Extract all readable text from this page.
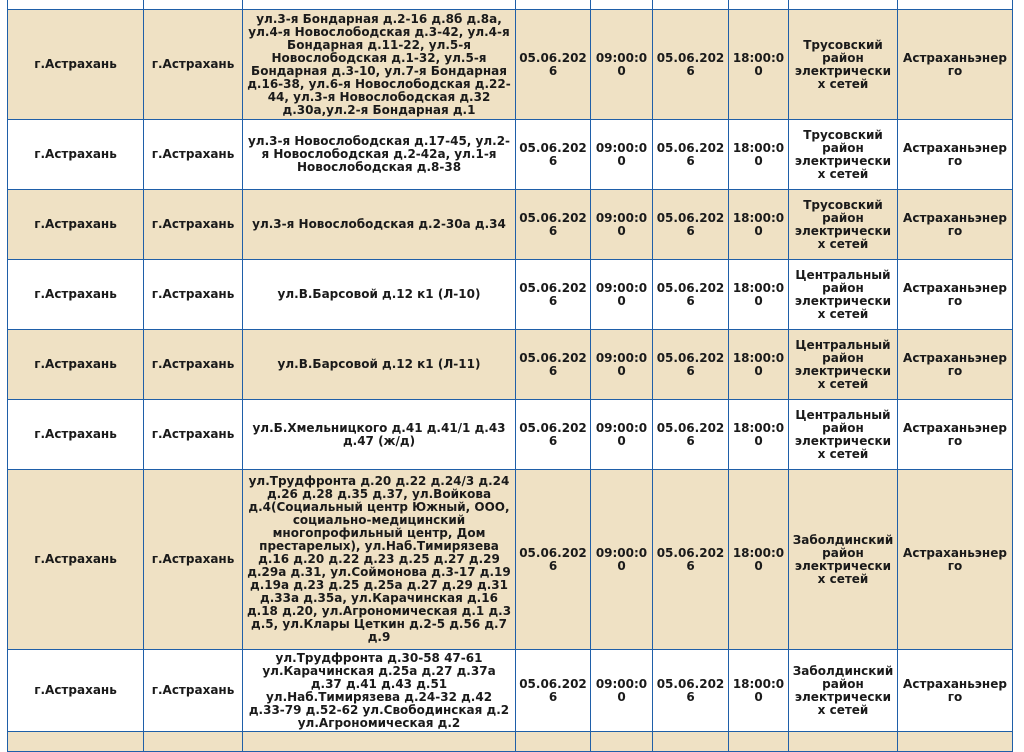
г.Астрахань	г.Астрахань	ул.3-я Бондарная д.2-16 д.8б д.8а, ул.4-я Новослободская д.3-42, ул.4-я Бондарная д.11-22, ул.5-я Новослободская д.1-32, ул.5-я Бондарная д.3-10, ул.7-я Бондарная д.16-38, ул.6-я Новослободская д.22-44, ул.3-я Новослободская д.32 д.30а,ул.2-я Бондарная д.1	05.06.2026	09:00:00	05.06.2026	18:00:00	Трусовский район электрических сетей	Астраханьэнерго
г.Астрахань	г.Астрахань	ул.3-я Новослободская д.17-45, ул.2-я Новослободская д.2-42а, ул.1-я Новослободская д.8-38	05.06.2026	09:00:00	05.06.2026	18:00:00	Трусовский район электрических сетей	Астраханьэнерго
г.Астрахань	г.Астрахань	ул.3-я Новослободская д.2-30а д.34	05.06.2026	09:00:00	05.06.2026	18:00:00	Трусовский район электрических сетей	Астраханьэнерго
г.Астрахань	г.Астрахань	ул.В.Барсовой д.12 к1 (Л-10)	05.06.2026	09:00:00	05.06.2026	18:00:00	Центральный район электрических сетей	Астраханьэнерго
г.Астрахань	г.Астрахань	ул.В.Барсовой д.12 к1 (Л-11)	05.06.2026	09:00:00	05.06.2026	18:00:00	Центральный район электрических сетей	Астраханьэнерго
г.Астрахань	г.Астрахань	ул.Б.Хмельницкого д.41 д.41/1 д.43 д.47 (ж/д)	05.06.2026	09:00:00	05.06.2026	18:00:00	Центральный район электрических сетей	Астраханьэнерго
г.Астрахань	г.Астрахань	ул.Трудфронта д.20 д.22 д.24/3 д.24 д.26 д.28 д.35 д.37, ул.Войкова д.4(Социальный центр Южный, ООО, социально-медицинский многопрофильный центр, Дом престарелых), ул.Наб.Тимирязева д.16 д.20 д.22 д.23 д.25 д.27 д.29 д.29а д.31, ул.Соймонова д.3-17 д.19 д.19а д.23 д.25 д.25а д.27 д.29 д.31 д.33а д.35а, ул.Карачинская д.16 д.18 д.20, ул.Агрономическая д.1 д.3 д.5, ул.Клары Цеткин д.2-5 д.56 д.7 д.9	05.06.2026	09:00:00	05.06.2026	18:00:00	Заболдинский район электрических сетей	Астраханьэнерго
г.Астрахань	г.Астрахань	ул.Трудфронта д.30-58 47-61 ул.Карачинская д.25а д.27 д.37а д.37 д.41 д.43 д.51 ул.Наб.Тимирязева д.24-32 д.42 д.33-79 д.52-62 ул.Свободинская д.2 ул.Агрономическая д.2	05.06.2026	09:00:00	05.06.2026	18:00:00	Заболдинский район электрических сетей	Астраханьэнерго
